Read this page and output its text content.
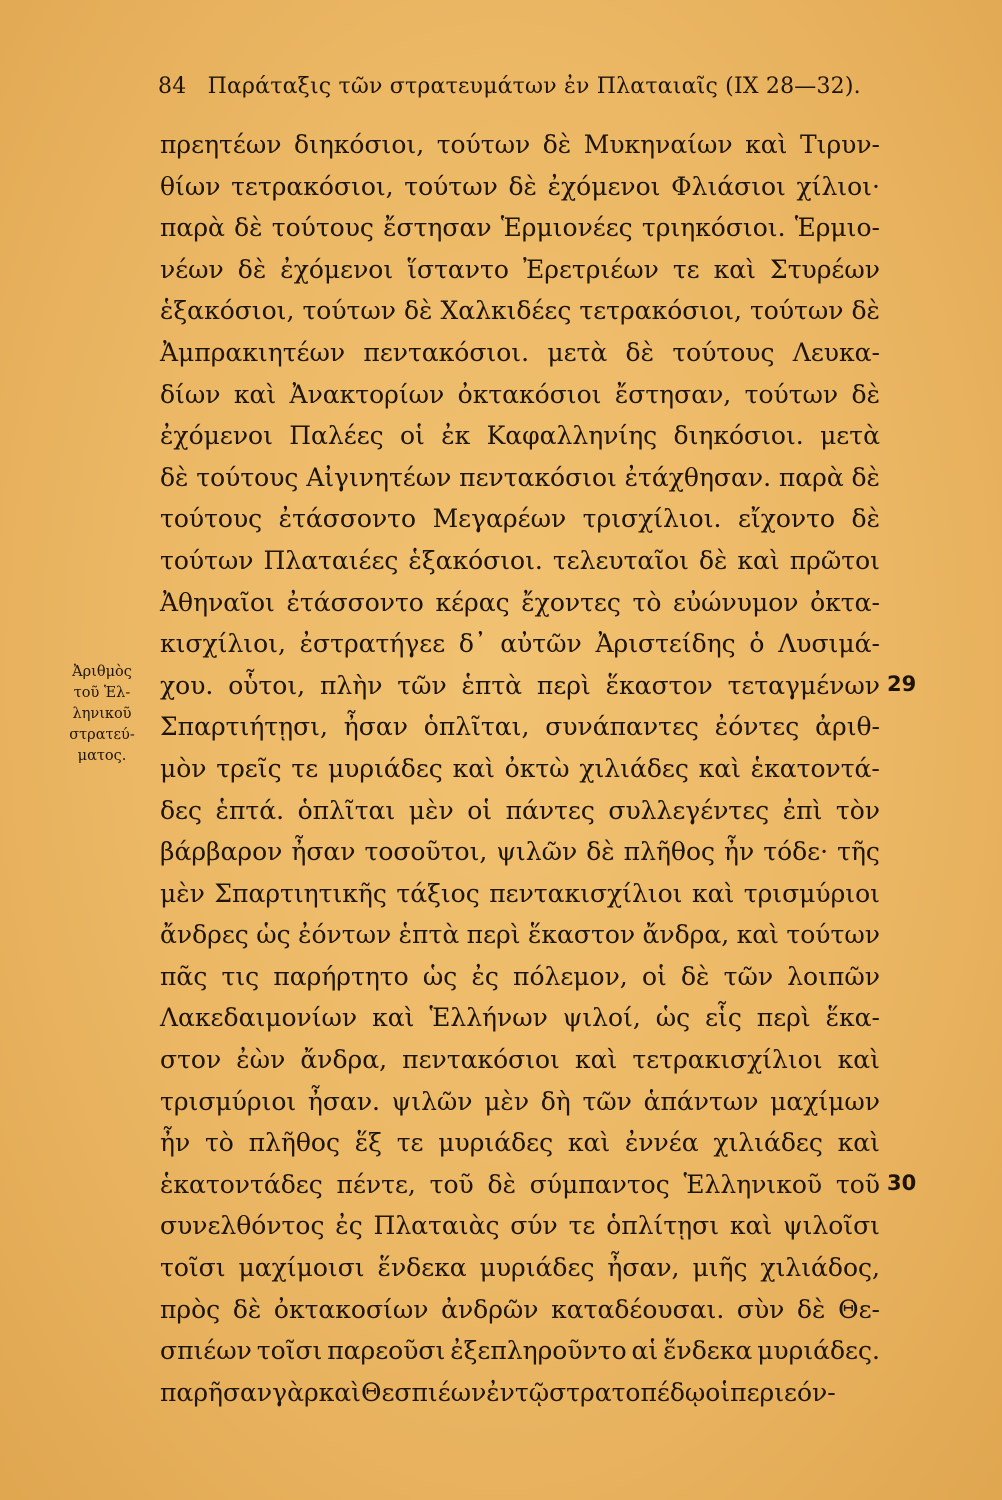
84 Παράταξις τῶν στρατευμάτων ἐν Πλαταιαῖς (IX 28—32).
Ἀριθμὸς
τοῦ Ἑλ-
ληνικοῦ
στρατεύ-
ματος.
πρεητέων διηκόσιοι, τούτων δὲ Μυκηναίων καὶ Τιρυν-
θίων τετρακόσιοι, τούτων δὲ ἐχόμενοι Φλιάσιοι χίλιοι·
παρὰ δὲ τούτους ἔστησαν Ἑρμιονέες τριηκόσιοι. Ἑρμιο-
νέων δὲ ἐχόμενοι ἵσταντο Ἐρετριέων τε καὶ Στυρέων
ἑξακόσιοι, τούτων δὲ Χαλκιδέες τετρακόσιοι, τούτων δὲ
Ἀμπρακιητέων πεντακόσιοι. μετὰ δὲ τούτους Λευκα-
δίων καὶ Ἀνακτορίων ὀκτακόσιοι ἔστησαν, τούτων δὲ
ἐχόμενοι Παλέες οἱ ἐκ Καφαλληνίης διηκόσιοι. μετὰ
δὲ τούτους Αἰγινητέων πεντακόσιοι ἐτάχθησαν. παρὰ δὲ
τούτους ἐτάσσοντο Μεγαρέων τρισχίλιοι. εἴχοντο δὲ
τούτων Πλαταιέες ἑξακόσιοι. τελευταῖοι δὲ καὶ πρῶτοι
Ἀθηναῖοι ἐτάσσοντο κέρας ἔχοντες τὸ εὐώνυμον ὀκτα-
κισχίλιοι, ἐστρατήγεε δ᾽ αὐτῶν Ἀριστείδης ὁ Λυσιμά-
χου. οὗτοι, πλὴν τῶν ἑπτὰ περὶ ἕκαστον τεταγμένων
Σπαρτιήτῃσι, ἦσαν ὁπλῖται, συνάπαντες ἐόντες ἀριθ-
μὸν τρεῖς τε μυριάδες καὶ ὀκτὼ χιλιάδες καὶ ἑκατοντά-
δες ἑπτά. ὁπλῖται μὲν οἱ πάντες συλλεγέντες ἐπὶ τὸν
βάρβαρον ἦσαν τοσοῦτοι, ψιλῶν δὲ πλῆθος ἦν τόδε· τῆς
μὲν Σπαρτιητικῆς τάξιος πεντακισχίλιοι καὶ τρισμύριοι
ἄνδρες ὡς ἐόντων ἑπτὰ περὶ ἕκαστον ἄνδρα, καὶ τούτων
πᾶς τις παρήρτητο ὡς ἐς πόλεμον, οἱ δὲ τῶν λοιπῶν
Λακεδαιμονίων καὶ Ἑλλήνων ψιλοί, ὡς εἷς περὶ ἕκα-
στον ἐὼν ἄνδρα, πεντακόσιοι καὶ τετρακισχίλιοι καὶ
τρισμύριοι ἦσαν. ψιλῶν μὲν δὴ τῶν ἁπάντων μαχίμων
ἦν τὸ πλῆθος ἕξ τε μυριάδες καὶ ἐννέα χιλιάδες καὶ
ἑκατοντάδες πέντε, τοῦ δὲ σύμπαντος Ἑλληνικοῦ τοῦ
συνελθόντος ἐς Πλαταιὰς σύν τε ὁπλίτῃσι καὶ ψιλοῖσι
τοῖσι μαχίμοισι ἕνδεκα μυριάδες ἦσαν, μιῆς χιλιάδος,
πρὸς δὲ ὀκτακοσίων ἀνδρῶν καταδέουσαι. σὺν δὲ Θε-
σπιέων τοῖσι παρεοῦσι ἐξεπληροῦντο αἱ ἕνδεκα μυριάδες.
παρῆσαν γὰρ καὶ Θεσπιέων ἐν τῷ στρατοπέδῳ οἱ περιεόν-
29
30
